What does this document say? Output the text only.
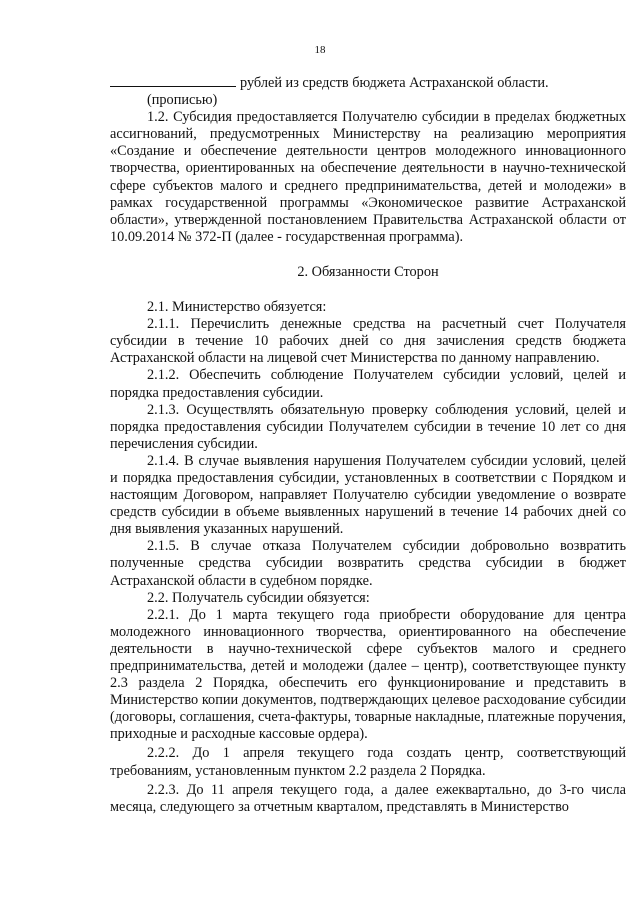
18

рублей из средств бюджета Астраханской области.

(прописью)

1.2. Субсидия предоставляется Получателю субсидии в пределах бюджетных ассигнований, предусмотренных Министерству на реализацию мероприятия «Создание и обеспечение деятельности центров молодежного инновационного творчества, ориентированных на обеспечение деятельности в научно-технической сфере субъектов малого и среднего предпринимательства, детей и молодежи» в рамках государственной программы «Экономическое развитие Астраханской области», утвержденной постановлением Правительства Астраханской области от 10.09.2014 № 372-П (далее - государственная программа).

2. Обязанности Сторон

2.1. Министерство обязуется:

2.1.1. Перечислить денежные средства на расчетный счет Получателя субсидии в течение 10 рабочих дней со дня зачисления средств бюджета Астраханской области на лицевой счет Министерства по данному направлению.

2.1.2. Обеспечить соблюдение Получателем субсидии условий, целей и порядка предоставления субсидии.

2.1.3. Осуществлять обязательную проверку соблюдения условий, целей и порядка предоставления субсидии Получателем субсидии в течение 10 лет со дня перечисления субсидии.

2.1.4. В случае выявления нарушения Получателем субсидии условий, целей и порядка предоставления субсидии, установленных в соответствии с Порядком и настоящим Договором, направляет Получателю субсидии уведомление о возврате средств субсидии в объеме выявленных нарушений в течение 14 рабочих дней со дня выявления указанных нарушений.

2.1.5. В случае отказа Получателем субсидии добровольно возвратить полученные средства субсидии возвратить средства субсидии в бюджет Астраханской области в судебном порядке.

2.2. Получатель субсидии обязуется:

2.2.1. До 1 марта текущего года приобрести оборудование для центра молодежного инновационного творчества, ориентированного на обеспечение деятельности в научно-технической сфере субъектов малого и среднего предпринимательства, детей и молодежи (далее – центр), соответствующее пункту 2.3 раздела 2 Порядка, обеспечить его функционирование и представить в Министерство копии документов, подтверждающих целевое расходование субсидии (договоры, соглашения, счета-фактуры, товарные накладные, платежные поручения, приходные и расходные кассовые ордера).

2.2.2. До 1 апреля текущего года создать центр, соответствующий требованиям, установленным пунктом 2.2 раздела 2 Порядка.

2.2.3. До 11 апреля текущего года, а далее ежеквартально, до 3-го числа месяца, следующего за отчетным кварталом, представлять в Министерство
